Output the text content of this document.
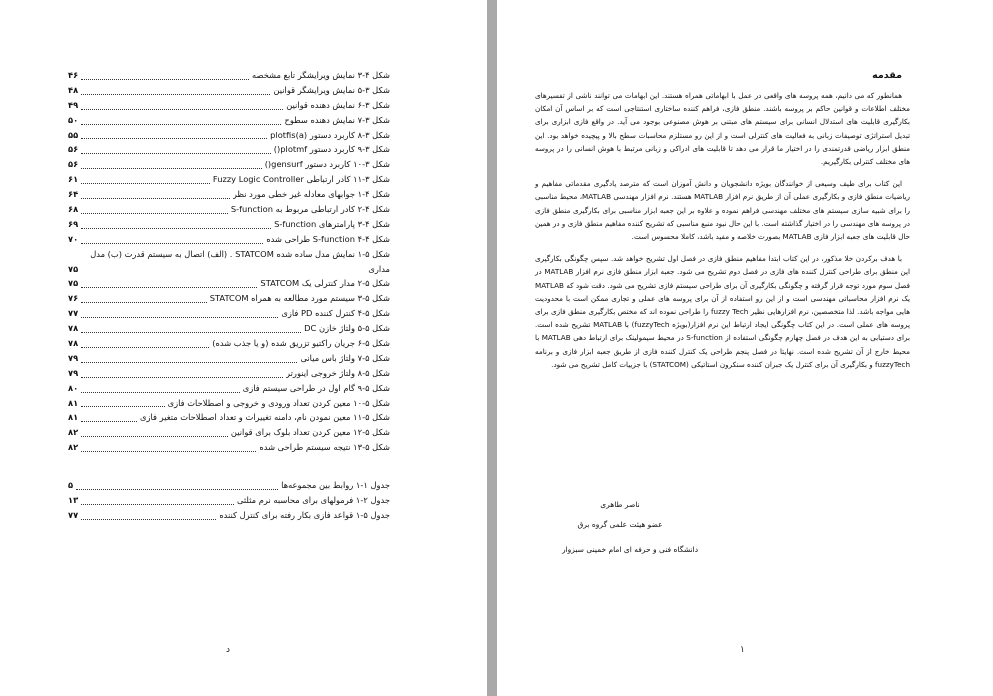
شکل ۴-۳ نمایش ویرایشگر تابع مشخصه
۴۶
شکل ۳-۵ نمایش ویرایشگر قوانین
۴۸
شکل ۳-۶ نمایش دهنده قوانین
۴۹
شکل ۳-۷ نمایش دهنده سطوح
۵۰
شکل ۳-۸ کاربرد دستور plotfis(a)
۵۵
شکل ۳-۹ کاربرد دستور plotmf()
۵۶
شکل ۳-۱۰ کاربرد دستور gensurf()
۵۶
شکل ۳-۱۱ کادر ارتباطی Fuzzy Logic Controller
۶۱
شکل ۴-۱ جوابهای معادله غیر خطی مورد نظر
۶۴
شکل ۴-۲ کادر ارتباطی مربوط به S-function
۶۸
شکل ۴-۳ پارامترهای S-function
۶۹
شکل ۴-۴ S-function طراحی شده
۷۰
شکل ۵-۱ نمایش مدل ساده شده STATCOM . (الف) اتصال به سیستم قدرت (ب) مدل
مداری
۷۵
شکل ۵-۲ مدار کنترلی یک STATCOM
۷۵
شکل ۵-۳ سیستم مورد مطالعه به همراه STATCOM
۷۶
شکل ۵-۴ کنترل کننده PD فازی
۷۷
شکل ۵-۵ ولتاژ خازن DC
۷۸
شکل ۵-۶ جریان راکتیو تزریق شده (و یا جذب شده)
۷۸
شکل ۵-۷ ولتاژ باس میانی
۷۹
شکل ۵-۸ ولتاژ خروجی اینورتر
۷۹
شکل ۵-۹ گام اول در طراحی سیستم فازی
۸۰
شکل ۵-۱۰ معین کردن تعداد ورودی و خروجی و اصطلاحات فازی
۸۱
شکل ۵-۱۱ معین نمودن نام، دامنه تغییرات و تعداد اصطلاحات متغیر فازی
۸۱
شکل ۵-۱۲ معین کردن تعداد بلوک برای قوانین
۸۲
شکل ۵-۱۳ نتیجه سیستم طراحی شده
۸۲
جدول ۱-۱ روابط بین مجموعه‌ها
۵
جدول ۲-۱ فرمولهای برای محاسبه نرم مثلثی
۱۳
جدول ۵-۱ قواعد فازی بکار رفته برای کنترل کننده
۷۷
د
مقدمه

همانطور که می دانیم، همه پروسه های واقعی در عمل با ابهاماتی همراه هستند. این ابهامات می توانند ناشی از تفسیرهای مختلف اطلاعات و قوانین حاکم بر پروسه باشند. منطق فازی، فراهم کننده ساختاری استنتاجی است که بر اساس آن امکان بکارگیری قابلیت های استدلال انسانی برای سیستم های مبتنی بر هوش مصنوعی بوجود می آید. در واقع فازی ابزاری برای تبدیل استراتژی توصیفات زبانی به فعالیت های کنترلی است و از این رو مستلزم محاسبات سطح بالا و پیچیده خواهد بود. این منطق ابزار ریاضی قدرتمندی را در اختیار ما قرار می دهد تا قابلیت های ادراکی و زبانی مرتبط با هوش انسانی را در پروسه های مختلف کنترلی بکارگیریم.

این کتاب برای طیف وسیعی از خوانندگان بویژه دانشجویان و دانش آموزان است که مترصد یادگیری مقدماتی مفاهیم و ریاضیات منطق فازی و بکارگیری عملی آن از طریق نرم افزار MATLAB هستند. نرم افزار مهندسی MATLAB، محیط مناسبی را برای شبیه سازی سیستم های مختلف مهندسی فراهم نموده و علاوه بر این جعبه ابزار مناسبی برای بکارگیری منطق فازی در پروسه های مهندسی را در اختیار گذاشته است. با این حال نبود منبع مناسبی که تشریح کننده مفاهیم منطق فازی و در همین حال قابلیت های جعبه ابزار فازی MATLAB بصورت خلاصه و مفید باشد، کاملا محسوس است.

با هدف برکردن خلا مذکور، در این کتاب ابتدا مفاهیم منطق فازی در فصل اول تشریح خواهد شد. سپس چگونگی بکارگیری این منطق برای طراحی کنترل کننده های فازی در فصل دوم تشریح می شود. جعبه ابزار منطق فازی نرم افزار MATLAB در فصل سوم مورد توجه قرار گرفته و چگونگی بکارگیری آن برای طراحی سیستم فازی تشریح می شود. دقت شود که MATLAB یک نرم افزار محاسباتی مهندسی است و از این رو استفاده از آن برای پروسه های عملی و تجاری ممکن است با محدودیت هایی مواجه باشد. لذا متخصصین، نرم افزارهایی نظیر fuzzy Tech را طراحی نموده اند که مختص بکارگیری منطق فازی برای پروسه های عملی است. در این کتاب چگونگی ایجاد ارتباط این نرم افزار(بویژه fuzzyTech) با MATLAB تشریح شده است. برای دستیابی به این هدف در فصل چهارم چگونگی استفاده از S-function در محیط سیمولینک برای ارتباط دهی MATLAB با محیط خارج از آن تشریح شده است. نهایتا در فصل پنجم طراحی یک کنترل کننده فازی از طریق جعبه ابزار فازی و برنامه fuzzyTech و بکارگیری آن برای کنترل یک جبران کننده سنکرون استاتیکی (STATCOM) با جزییات کامل تشریح می شود.

ناصر طاهری
عضو هیئت علمی گروه برق
دانشگاه فنی و حرفه ای امام خمینی سبزوار
۱
